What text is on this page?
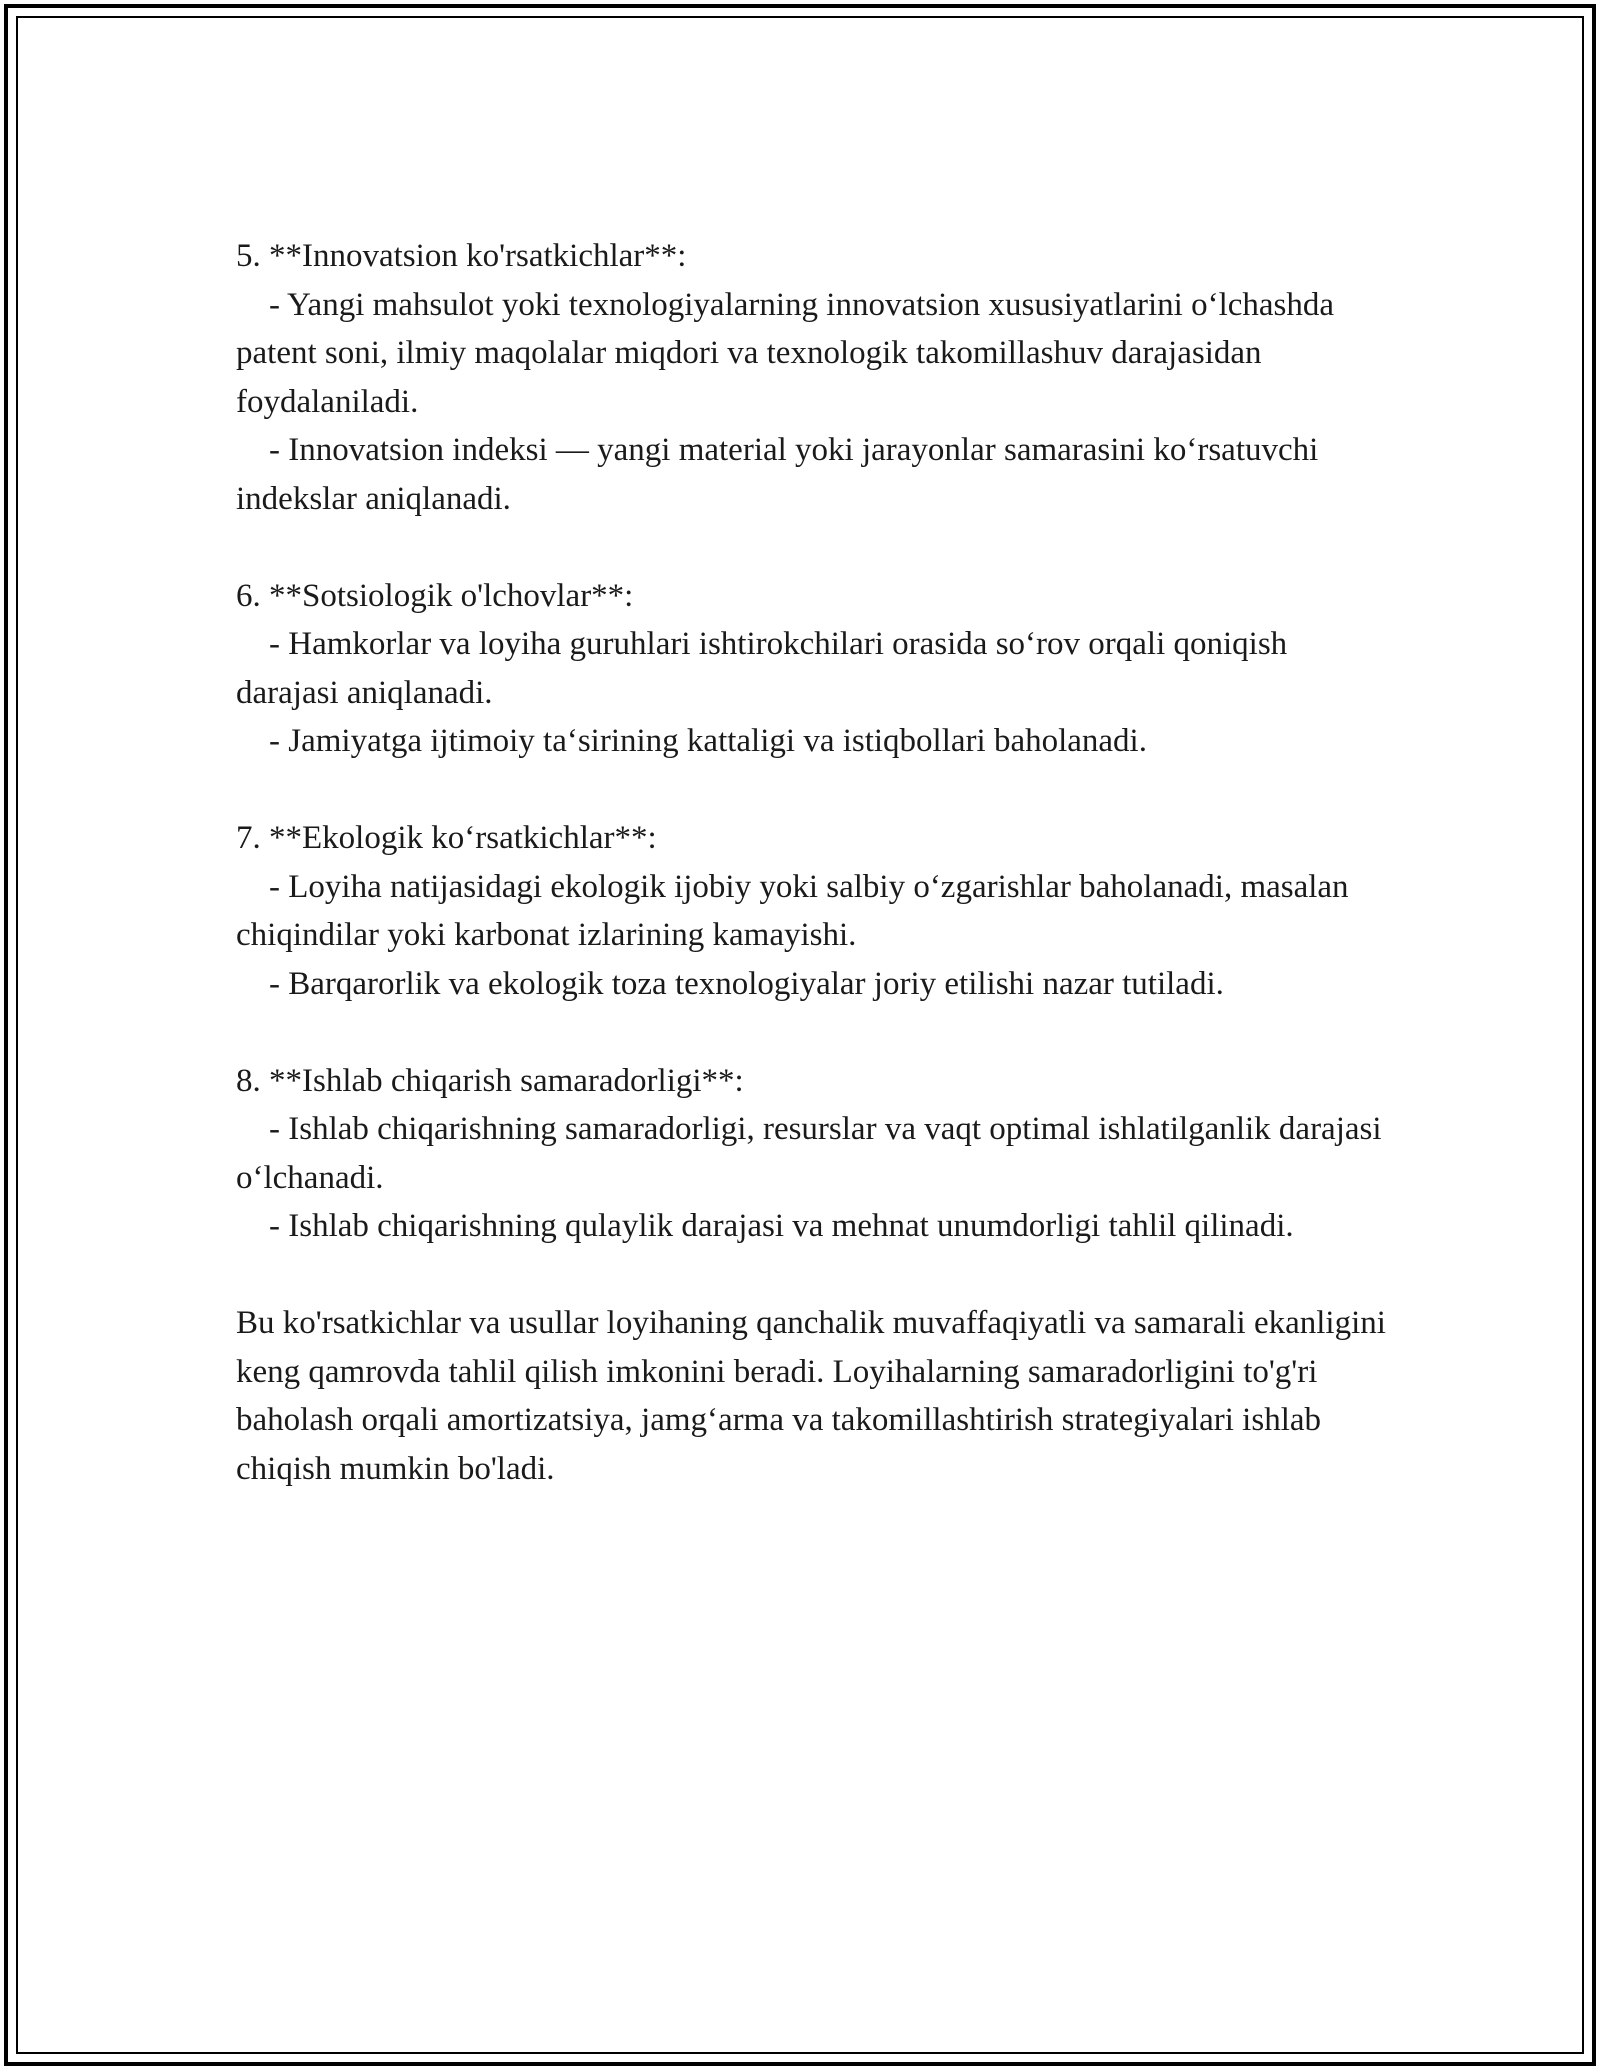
5. **Innovatsion ko'rsatkichlar**:
- Yangi mahsulot yoki texnologiyalarning innovatsion xususiyatlarini o‘lchashda patent soni, ilmiy maqolalar miqdori va texnologik takomillashuv darajasidan foydalaniladi.
- Innovatsion indeksi — yangi material yoki jarayonlar samarasini ko‘rsatuvchi indekslar aniqlanadi.
6. **Sotsiologik o'lchovlar**:
- Hamkorlar va loyiha guruhlari ishtirokchilari orasida so‘rov orqali qoniqish darajasi aniqlanadi.
- Jamiyatga ijtimoiy ta‘sirining kattaligi va istiqbollari baholanadi.
7. **Ekologik ko‘rsatkichlar**:
- Loyiha natijasidagi ekologik ijobiy yoki salbiy o‘zgarishlar baholanadi, masalan chiqindilar yoki karbonat izlarining kamayishi.
- Barqarorlik va ekologik toza texnologiyalar joriy etilishi nazar tutiladi.
8. **Ishlab chiqarish samaradorligi**:
- Ishlab chiqarishning samaradorligi, resurslar va vaqt optimal ishlatilganlik darajasi o‘lchanadi.
- Ishlab chiqarishning qulaylik darajasi va mehnat unumdorligi tahlil qilinadi.

Bu ko'rsatkichlar va usullar loyihaning qanchalik muvaffaqiyatli va samarali ekanligini keng qamrovda tahlil qilish imkonini beradi. Loyihalarning samaradorligini to'g'ri baholash orqali amortizatsiya, jamg‘arma va takomillashtirish strategiyalari ishlab chiqish mumkin bo'ladi.
